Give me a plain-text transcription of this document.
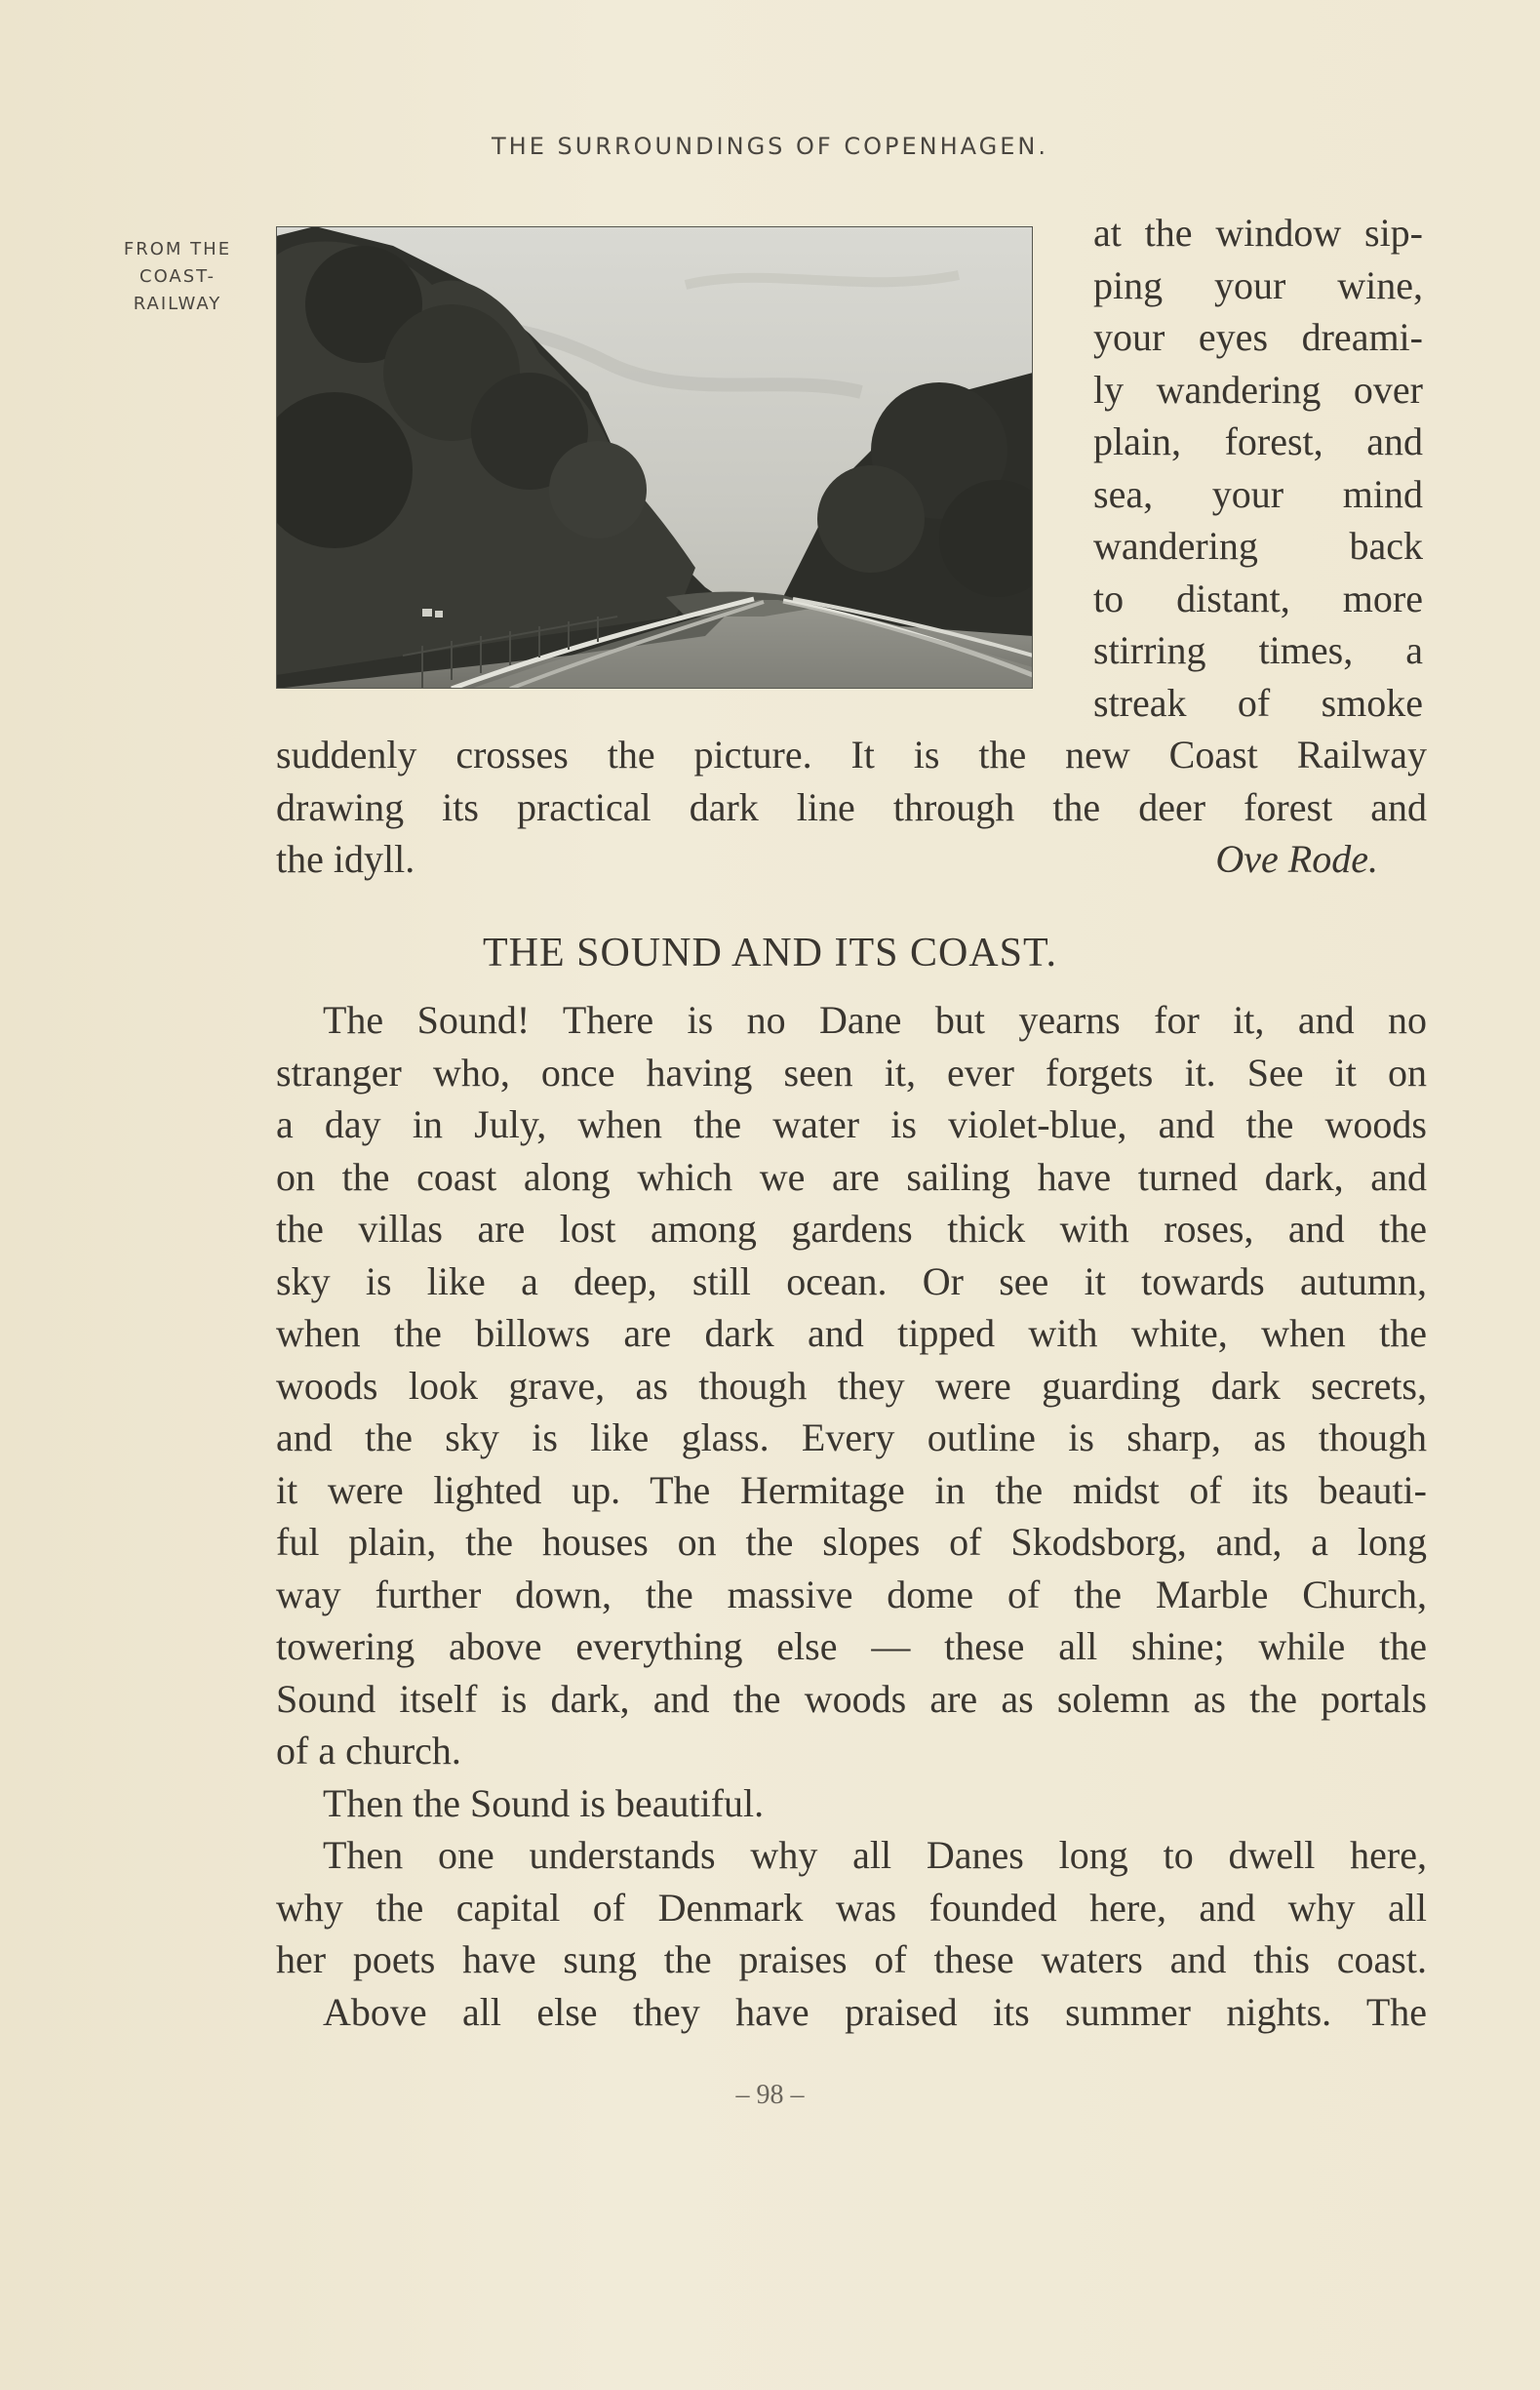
THE SURROUNDINGS OF COPENHAGEN.
FROM THE
COAST-
RAILWAY
at the window sip-
ping your wine,
your eyes dreami-
ly wandering over
plain, forest, and
sea, your mind
wandering back
to distant, more
stirring times, a
streak of smoke
suddenly crosses the picture. It is the new Coast Railway
drawing its practical dark line through the deer forest and
the idyll.	Ove Rode.
THE SOUND AND ITS COAST.
The Sound! There is no Dane but yearns for it, and no
stranger who, once having seen it, ever forgets it. See it on
a day in July, when the water is violet-blue, and the woods
on the coast along which we are sailing have turned dark, and
the villas are lost among gardens thick with roses, and the
sky is like a deep, still ocean. Or see it towards autumn,
when the billows are dark and tipped with white, when the
woods look grave, as though they were guarding dark secrets,
and the sky is like glass. Every outline is sharp, as though
it were lighted up. The Hermitage in the midst of its beauti-
ful plain, the houses on the slopes of Skodsborg, and, a long
way further down, the massive dome of the Marble Church,
towering above everything else — these all shine; while the
Sound itself is dark, and the woods are as solemn as the portals
of a church.
Then the Sound is beautiful.
Then one understands why all Danes long to dwell here,
why the capital of Denmark was founded here, and why all
her poets have sung the praises of these waters and this coast.
Above all else they have praised its summer nights. The
– 98 –
